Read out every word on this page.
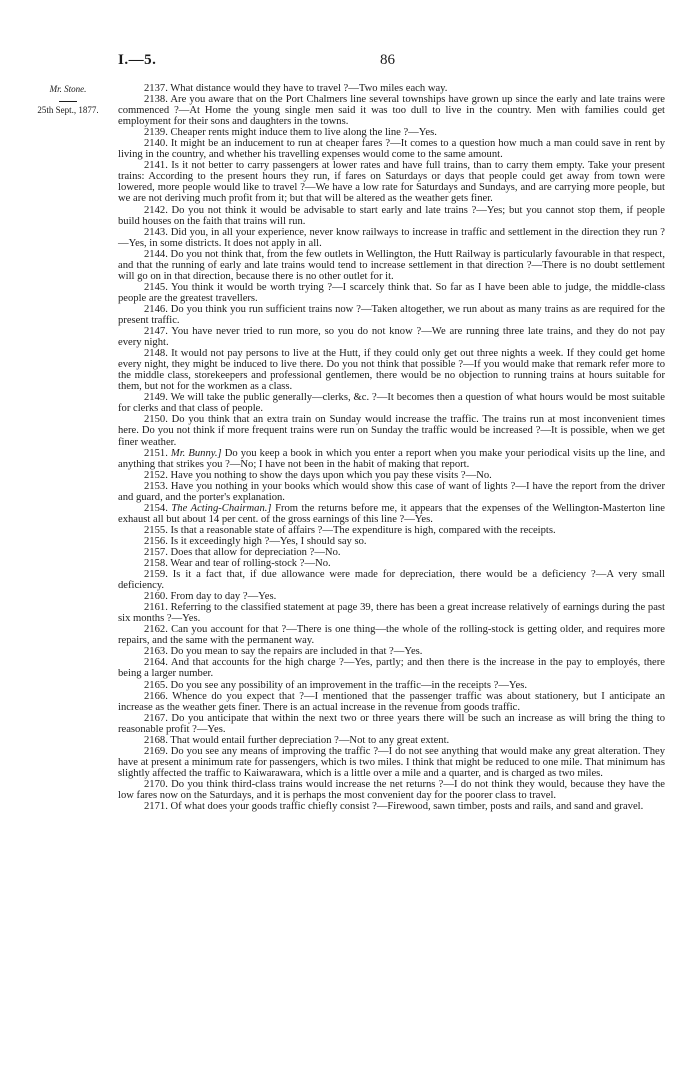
I.—5.	86
Mr. Stone.
25th Sept., 1877.

2137. What distance would they have to travel ?—Two miles each way.

2138. Are you aware that on the Port Chalmers line several townships have grown up since the early and late trains were commenced ?—At Home the young single men said it was too dull to live in the country. Men with families could get employment for their sons and daughters in the towns.

2139. Cheaper rents might induce them to live along the line ?—Yes.

2140. It might be an inducement to run at cheaper fares ?—It comes to a question how much a man could save in rent by living in the country, and whether his travelling expenses would come to the same amount.

2141. Is it not better to carry passengers at lower rates and have full trains, than to carry them empty. Take your present trains: According to the present hours they run, if fares on Saturdays or days that people could get away from town were lowered, more people would like to travel ?—We have a low rate for Saturdays and Sundays, and are carrying more people, but we are not deriving much profit from it; but that will be altered as the weather gets finer.

2142. Do you not think it would be advisable to start early and late trains ?—Yes; but you cannot stop them, if people build houses on the faith that trains will run.

2143. Did you, in all your experience, never know railways to increase in traffic and settlement in the direction they run ?—Yes, in some districts. It does not apply in all.

2144. Do you not think that, from the few outlets in Wellington, the Hutt Railway is particularly favourable in that respect, and that the running of early and late trains would tend to increase settlement in that direction ?—There is no doubt settlement will go on in that direction, because there is no other outlet for it.

2145. You think it would be worth trying ?—I scarcely think that. So far as I have been able to judge, the middle-class people are the greatest travellers.

2146. Do you think you run sufficient trains now ?—Taken altogether, we run about as many trains as are required for the present traffic.

2147. You have never tried to run more, so you do not know ?—We are running three late trains, and they do not pay every night.

2148. It would not pay persons to live at the Hutt, if they could only get out three nights a week. If they could get home every night, they might be induced to live there. Do you not think that possible ?—If you would make that remark refer more to the middle class, storekeepers and professional gentlemen, there would be no objection to running trains at hours suitable for them, but not for the workmen as a class.

2149. We will take the public generally—clerks, &c. ?—It becomes then a question of what hours would be most suitable for clerks and that class of people.

2150. Do you think that an extra train on Sunday would increase the traffic. The trains run at most inconvenient times here. Do you not think if more frequent trains were run on Sunday the traffic would be increased ?—It is possible, when we get finer weather.

2151. Mr. Bunny.] Do you keep a book in which you enter a report when you make your periodical visits up the line, and anything that strikes you ?—No; I have not been in the habit of making that report.

2152. Have you nothing to show the days upon which you pay these visits ?—No.

2153. Have you nothing in your books which would show this case of want of lights ?—I have the report from the driver and guard, and the porter's explanation.

2154. The Acting-Chairman.] From the returns before me, it appears that the expenses of the Wellington-Masterton line exhaust all but about 14 per cent. of the gross earnings of this line ?—Yes.

2155. Is that a reasonable state of affairs ?—The expenditure is high, compared with the receipts.

2156. Is it exceedingly high ?—Yes, I should say so.

2157. Does that allow for depreciation ?—No.

2158. Wear and tear of rolling-stock ?—No.

2159. Is it a fact that, if due allowance were made for depreciation, there would be a deficiency ?—A very small deficiency.

2160. From day to day ?—Yes.

2161. Referring to the classified statement at page 39, there has been a great increase relatively of earnings during the past six months ?—Yes.

2162. Can you account for that ?—There is one thing—the whole of the rolling-stock is getting older, and requires more repairs, and the same with the permanent way.

2163. Do you mean to say the repairs are included in that ?—Yes.

2164. And that accounts for the high charge ?—Yes, partly; and then there is the increase in the pay to employés, there being a larger number.

2165. Do you see any possibility of an improvement in the traffic—in the receipts ?—Yes.

2166. Whence do you expect that ?—I mentioned that the passenger traffic was about stationery, but I anticipate an increase as the weather gets finer. There is an actual increase in the revenue from goods traffic.

2167. Do you anticipate that within the next two or three years there will be such an increase as will bring the thing to reasonable profit ?—Yes.

2168. That would entail further depreciation ?—Not to any great extent.

2169. Do you see any means of improving the traffic ?—I do not see anything that would make any great alteration. They have at present a minimum rate for passengers, which is two miles. I think that might be reduced to one mile. That minimum has slightly affected the traffic to Kaiwarawara, which is a little over a mile and a quarter, and is charged as two miles.

2170. Do you think third-class trains would increase the net returns ?—I do not think they would, because they have the low fares now on the Saturdays, and it is perhaps the most convenient day for the poorer class to travel.

2171. Of what does your goods traffic chiefly consist ?—Firewood, sawn timber, posts and rails, and sand and gravel.
